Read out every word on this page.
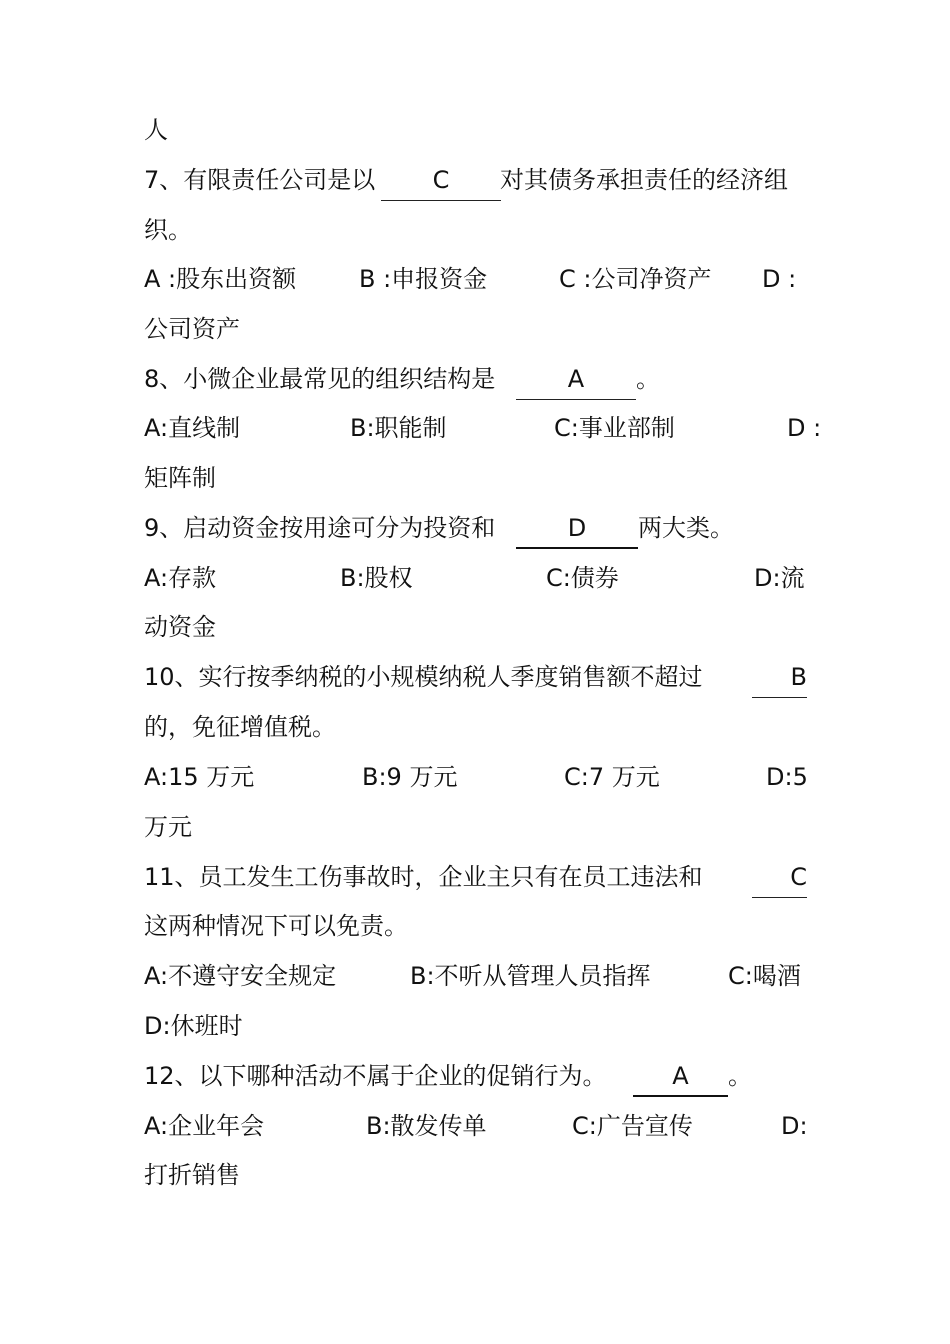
人
7、有限责任公司是以	C	对其债务承担责任的经济组
织。
A :股东出资额	B :申报资金	C :公司净资产 D :
公司资产
8、小微企业最常见的组织结构是	A	。
A:直线制	B:职能制	C:事业部制	D :
矩阵制
9、启动资金按用途可分为投资和	D	两大类。
A:存款	B:股权	C:债券	D:流
动资金
10、实行按季纳税的小规模纳税人季度销售额不超过	B
的，免征增值税。
A:15 万元	B:9 万元	C:7 万元	D:5
万元
11、员工发生工伤事故时，企业主只有在员工违法和	C
这两种情况下可以免责。
A:不遵守安全规定	B:不听从管理人员指挥	C:喝酒
D:休班时
12、以下哪种活动不属于企业的促销行为。	A	。
A:企业年会	B:散发传单	C:广告宣传	D:
打折销售
